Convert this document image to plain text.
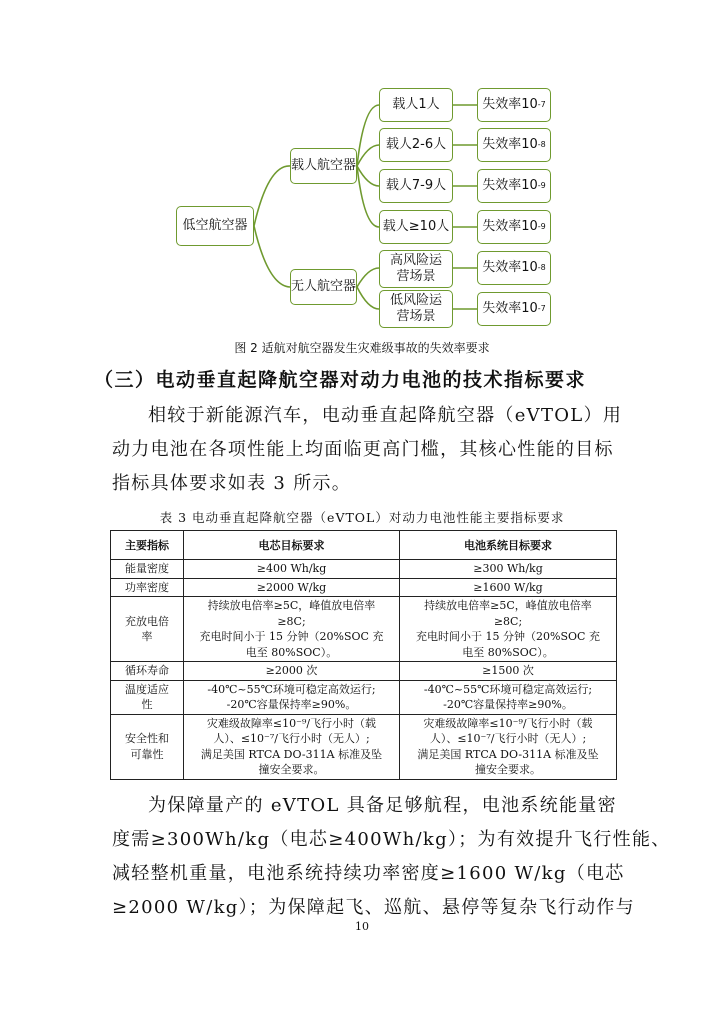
低空航空器
载人航空器
无人航空器
载人1人
载人2-6人
载人7-9人
载人≥10人
高风险运营场景
低风险运营场景
失效率10 -7
失效率10 -8
失效率10 -9
失效率10 -9
失效率10 -8
失效率10 -7
图 2 适航对航空器发生灾难级事故的失效率要求
（三）电动垂直起降航空器对动力电池的技术指标要求
相较于新能源汽车，电动垂直起降航空器（eVTOL）用
动力电池在各项性能上均面临更高门槛，其核心性能的目标
指标具体要求如表 3 所示。
表 3 电动垂直起降航空器（eVTOL）对动力电池性能主要指标要求
主要指标	电芯目标要求	电池系统目标要求

能量密度	≥400 Wh/kg	≥300 Wh/kg

功率密度	≥2000 W/kg	≥1600 W/kg

充放电倍
率	持续放电倍率≥5C，峰值放电倍率
≥8C;
充电时间小于 15 分钟（20%SOC 充
电至 80%SOC）。	持续放电倍率≥5C，峰值放电倍率
≥8C;
充电时间小于 15 分钟（20%SOC 充
电至 80%SOC）。

循环寿命	≥2000 次	≥1500 次

温度适应
性	-40℃~55℃环境可稳定高效运行;
-20℃容量保持率≥90%。	-40℃~55℃环境可稳定高效运行;
-20℃容量保持率≥90%。

安全性和
可靠性	灾难级故障率≤10⁻⁹/飞行小时（载
人）、≤10⁻⁷/飞行小时（无人）;
满足美国 RTCA DO-311A 标准及坠
撞安全要求。	灾难级故障率≤10⁻⁹/飞行小时（载
人）、≤10⁻⁷/飞行小时（无人）;
满足美国 RTCA DO-311A 标准及坠
撞安全要求。
为保障量产的 eVTOL 具备足够航程，电池系统能量密
度需≥300Wh/kg（电芯≥400Wh/kg）；为有效提升飞行性能、
减轻整机重量，电池系统持续功率密度≥1600 W/kg（电芯
≥2000 W/kg）；为保障起飞、巡航、悬停等复杂飞行动作与
10
